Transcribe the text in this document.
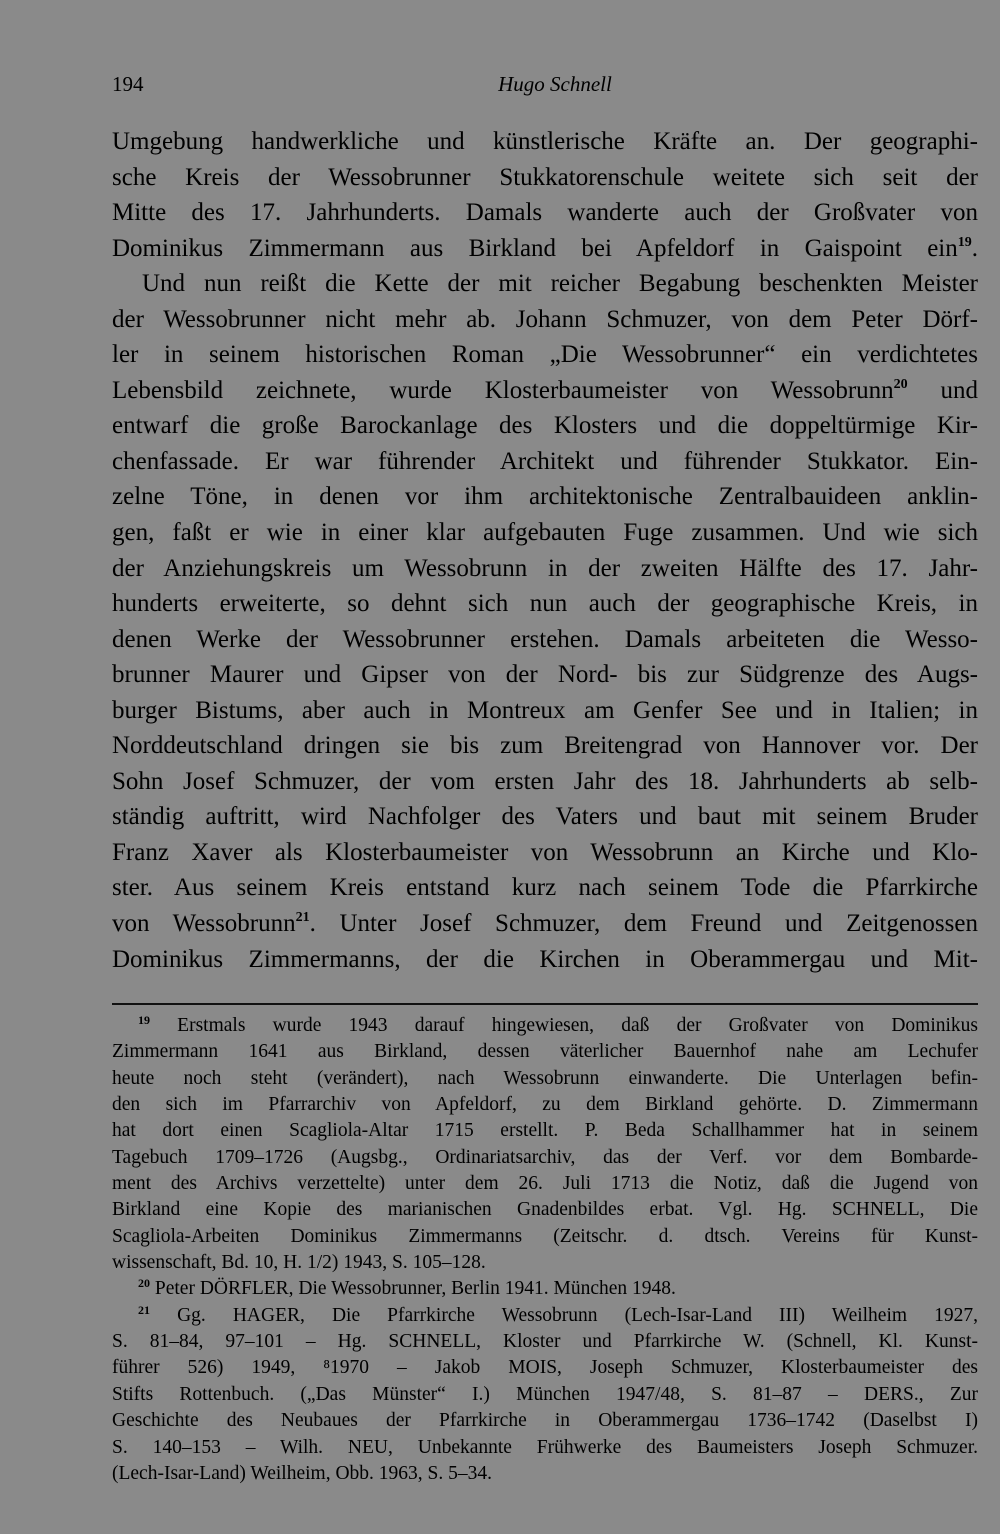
194	Hugo Schnell
Umgebung handwerkliche und künstlerische Kräfte an. Der geographi-
sche Kreis der Wessobrunner Stukkatorenschule weitete sich seit der
Mitte des 17. Jahrhunderts. Damals wanderte auch der Großvater von
Dominikus Zimmermann aus Birkland bei Apfeldorf in Gaispoint ein$^{19}$.
Und nun reißt die Kette der mit reicher Begabung beschenkten Meister
der Wessobrunner nicht mehr ab. Johann Schmuzer, von dem Peter Dörf-
ler in seinem historischen Roman „Die Wessobrunner“ ein verdichtetes
Lebensbild zeichnete, wurde Klosterbaumeister von Wessobrunn$^{20}$ und
entwarf die große Barockanlage des Klosters und die doppeltürmige Kir-
chenfassade. Er war führender Architekt und führender Stukkator. Ein-
zelne Töne, in denen vor ihm architektonische Zentralbauideen anklin-
gen, faßt er wie in einer klar aufgebauten Fuge zusammen. Und wie sich
der Anziehungskreis um Wessobrunn in der zweiten Hälfte des 17. Jahr-
hunderts erweiterte, so dehnt sich nun auch der geographische Kreis, in
denen Werke der Wessobrunner erstehen. Damals arbeiteten die Wesso-
brunner Maurer und Gipser von der Nord- bis zur Südgrenze des Augs-
burger Bistums, aber auch in Montreux am Genfer See und in Italien; in
Norddeutschland dringen sie bis zum Breitengrad von Hannover vor. Der
Sohn Josef Schmuzer, der vom ersten Jahr des 18. Jahrhunderts ab selb-
ständig auftritt, wird Nachfolger des Vaters und baut mit seinem Bruder
Franz Xaver als Klosterbaumeister von Wessobrunn an Kirche und Klo-
ster. Aus seinem Kreis entstand kurz nach seinem Tode die Pfarrkirche
von Wessobrunn$^{21}$. Unter Josef Schmuzer, dem Freund und Zeitgenossen
Dominikus Zimmermanns, der die Kirchen in Oberammergau und Mit-
$^{19}$ Erstmals wurde 1943 darauf hingewiesen, daß der Großvater von Dominikus
Zimmermann 1641 aus Birkland, dessen väterlicher Bauernhof nahe am Lechufer
heute noch steht (verändert), nach Wessobrunn einwanderte. Die Unterlagen befin-
den sich im Pfarrarchiv von Apfeldorf, zu dem Birkland gehörte. D. Zimmermann
hat dort einen Scagliola-Altar 1715 erstellt. P. Beda Schallhammer hat in seinem
Tagebuch 1709–1726 (Augsbg., Ordinariatsarchiv, das der Verf. vor dem Bombarde-
ment des Archivs verzettelte) unter dem 26. Juli 1713 die Notiz, daß die Jugend von
Birkland eine Kopie des marianischen Gnadenbildes erbat. Vgl. Hg. SCHNELL, Die
Scagliola-Arbeiten Dominikus Zimmermanns (Zeitschr. d. dtsch. Vereins für Kunst-
wissenschaft, Bd. 10, H. 1/2) 1943, S. 105–128.
$^{20}$ Peter DÖRFLER, Die Wessobrunner, Berlin 1941. München 1948.
$^{21}$ Gg. HAGER, Die Pfarrkirche Wessobrunn (Lech-Isar-Land III) Weilheim 1927,
S. 81–84, 97–101 – Hg. SCHNELL, Kloster und Pfarrkirche W. (Schnell, Kl. Kunst-
führer 526) 1949, ⁸1970 – Jakob MOIS, Joseph Schmuzer, Klosterbaumeister des
Stifts Rottenbuch. („Das Münster“ I.) München 1947/48, S. 81–87 – DERS., Zur
Geschichte des Neubaues der Pfarrkirche in Oberammergau 1736–1742 (Daselbst I)
S. 140–153 – Wilh. NEU, Unbekannte Frühwerke des Baumeisters Joseph Schmuzer.
(Lech-Isar-Land) Weilheim, Obb. 1963, S. 5–34.
